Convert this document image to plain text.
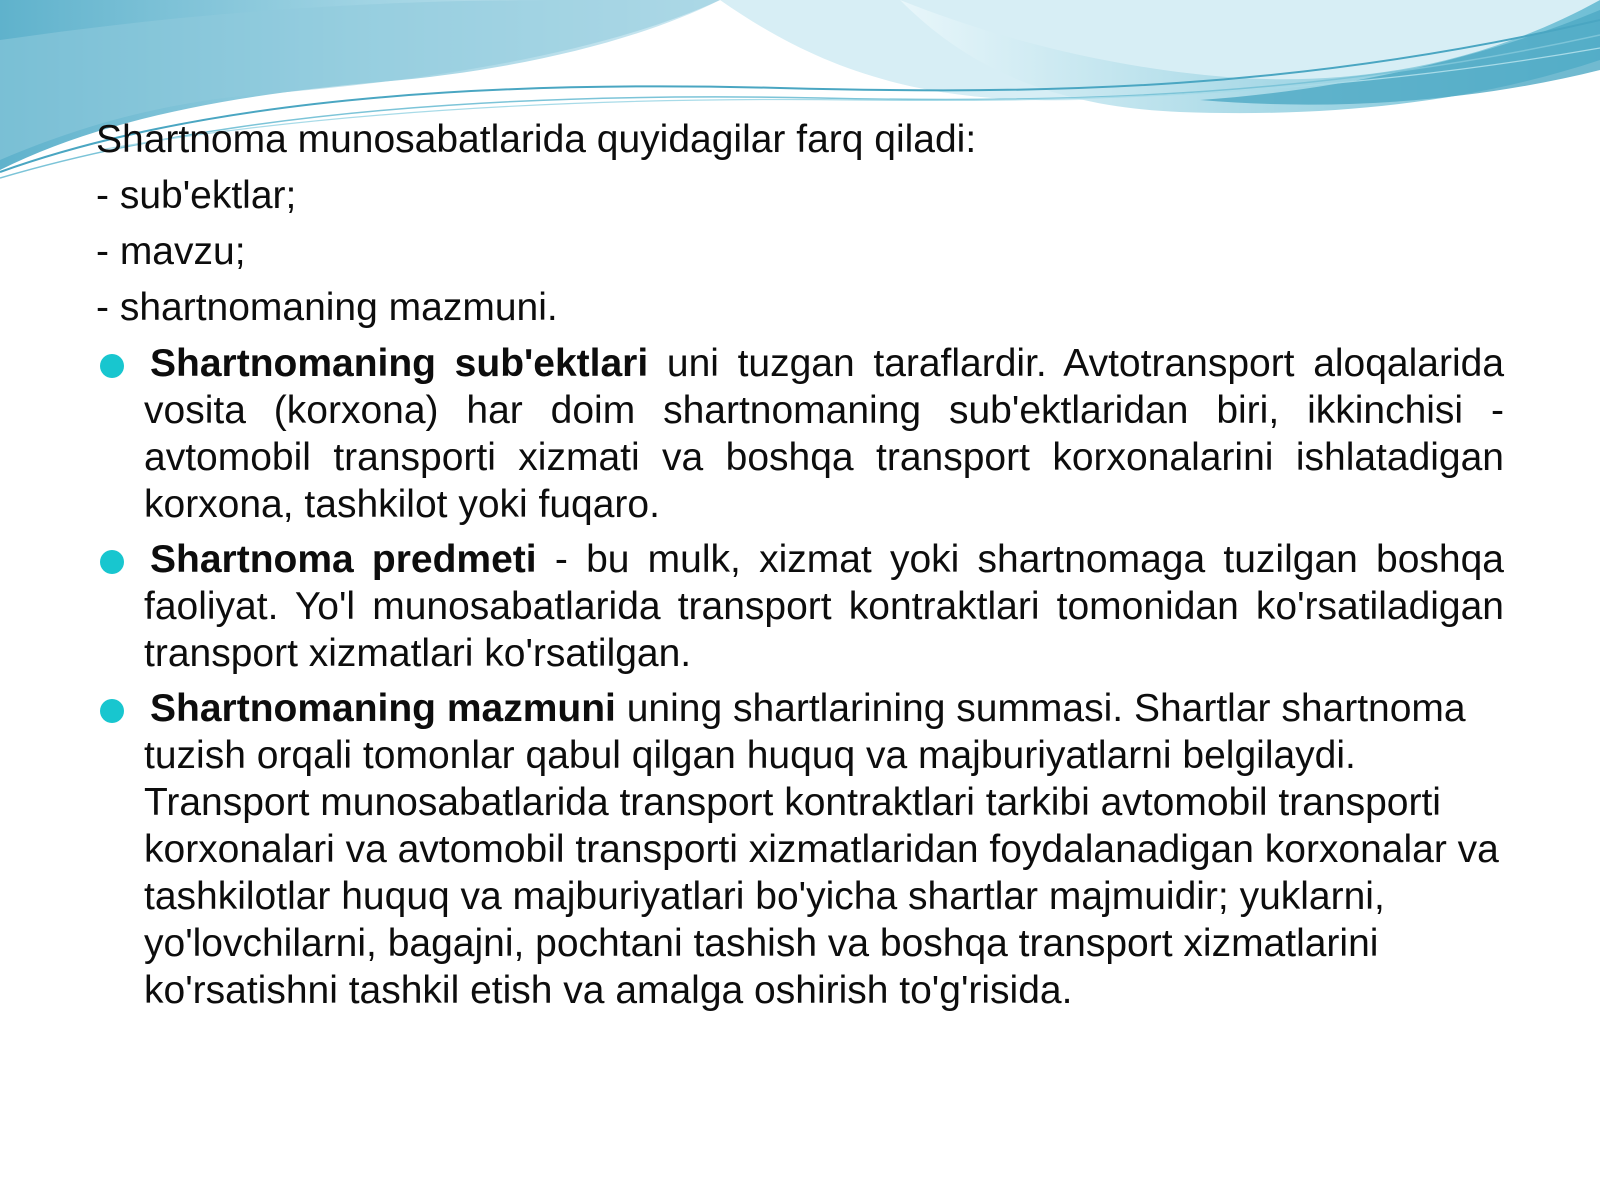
Shartnoma munosabatlarida quyidagilar farq qiladi:

- sub'ektlar;

- mavzu;

- shartnomaning mazmuni.

Shartnomaning sub'ektlari uni tuzgan taraflardir. Avtotransport aloqalarida vosita (korxona) har doim shartnomaning sub'ektlaridan biri, ikkinchisi - avtomobil transporti xizmati va boshqa transport korxonalarini ishlatadigan korxona, tashkilot yoki fuqaro.
Shartnoma predmeti - bu mulk, xizmat yoki shartnomaga tuzilgan boshqa faoliyat. Yo'l munosabatlarida transport kontraktlari tomonidan ko'rsatiladigan transport xizmatlari ko'rsatilgan.
Shartnomaning mazmuni uning shartlarining summasi. Shartlar shartnoma tuzish orqali tomonlar qabul qilgan huquq va majburiyatlarni belgilaydi. Transport munosabatlarida transport kontraktlari tarkibi avtomobil transporti korxonalari va avtomobil transporti xizmatlaridan foydalanadigan korxonalar va tashkilotlar huquq va majburiyatlari bo'yicha shartlar majmuidir; yuklarni, yo'lovchilarni, bagajni, pochtani tashish va boshqa transport xizmatlarini ko'rsatishni tashkil etish va amalga oshirish to'g'risida.
